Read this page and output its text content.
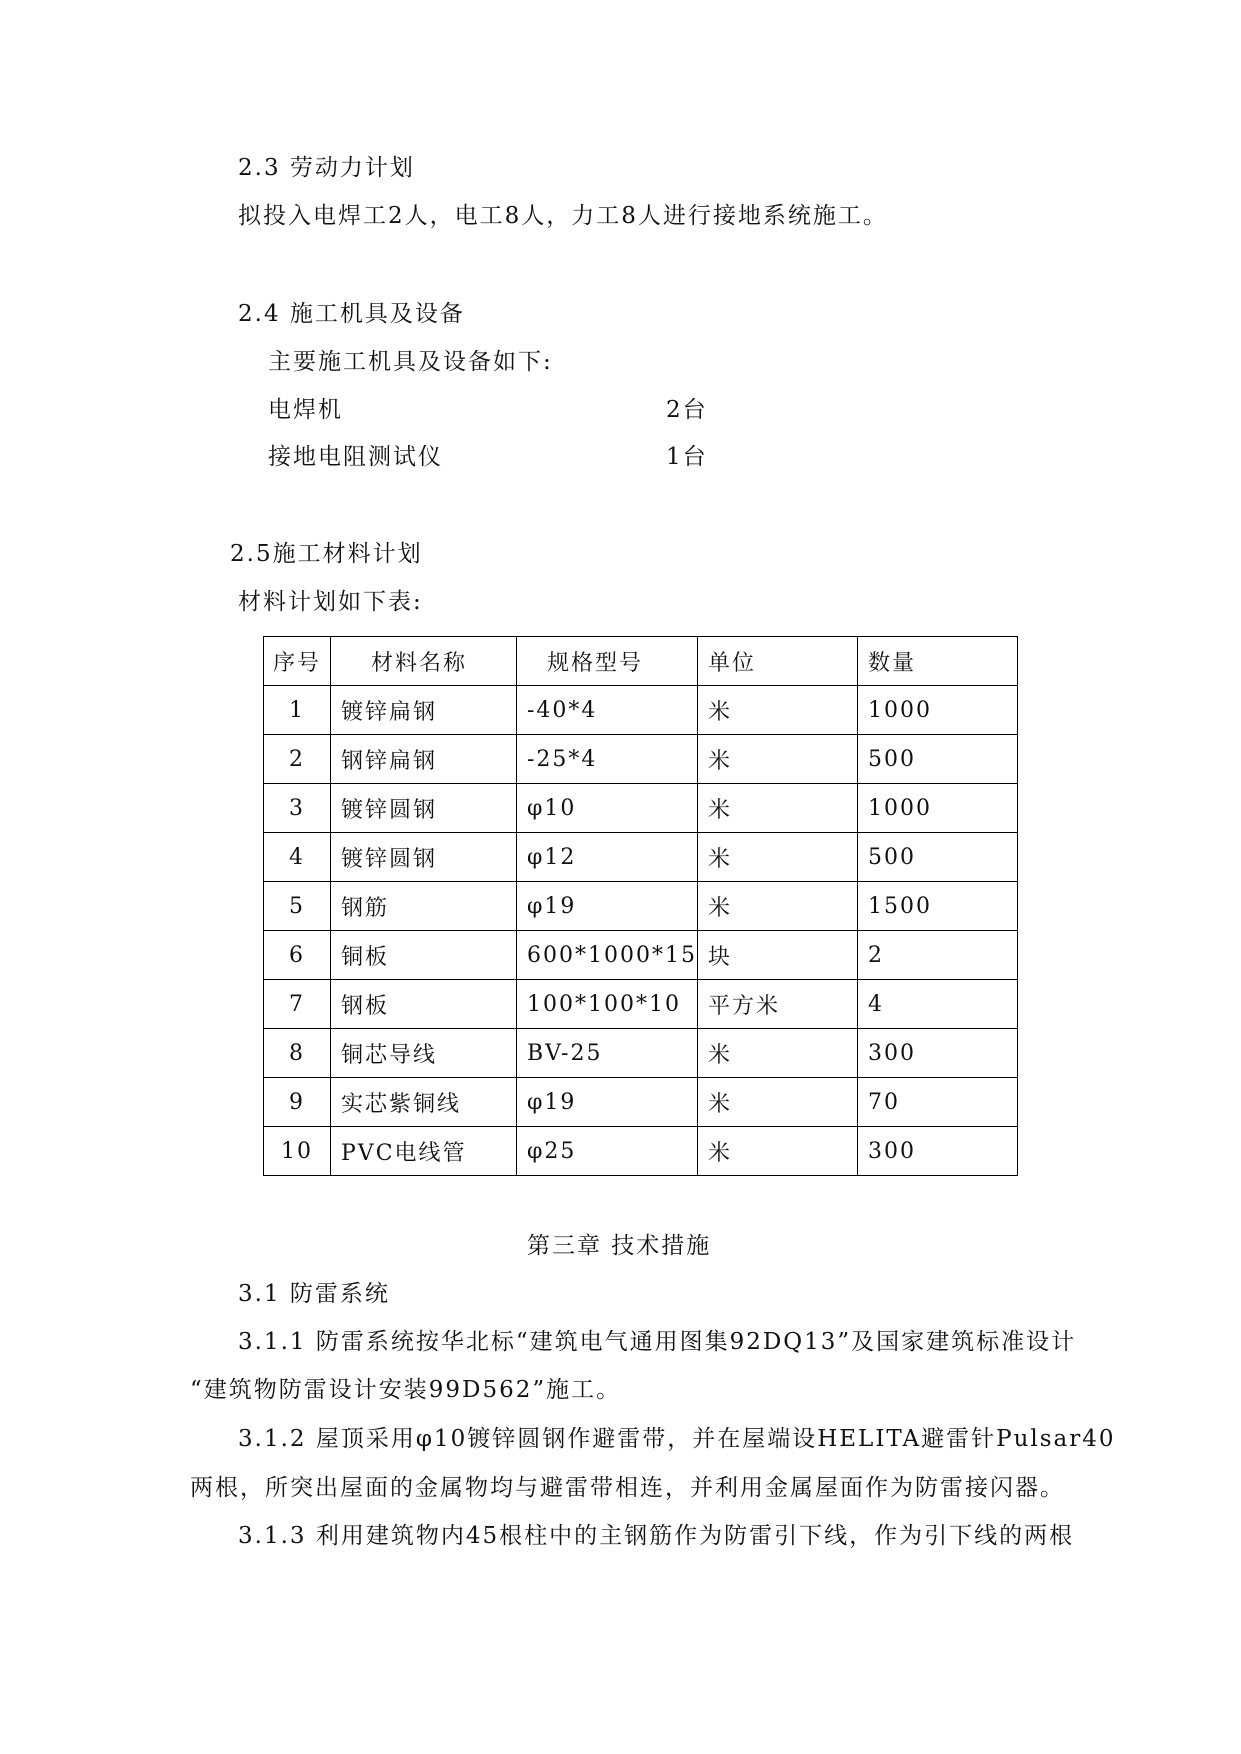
2.3 劳动力计划
拟投入电焊工2人，电工8人，力工8人进行接地系统施工。
2.4 施工机具及设备
主要施工机具及设备如下:
电焊机	2台
接地电阻测试仪	1台
2.5施工材料计划
材料计划如下表:
序号	材料名称	规格型号	单位	数量
1	镀锌扁钢	-40*4	米	1000
2	钢锌扁钢	-25*4	米	500
3	镀锌圆钢	φ10	米	1000
4	镀锌圆钢	φ12	米	500
5	钢筋	φ19	米	1500
6	铜板	600*1000*15	块	2
7	钢板	100*100*10	平方米	4
8	铜芯导线	BV-25	米	300
9	实芯紫铜线	φ19	米	70
10	PVC电线管	φ25	米	300
第三章 技术措施
3.1 防雷系统
3.1.1 防雷系统按华北标“建筑电气通用图集92DQ13”及国家建筑标准设计
“建筑物防雷设计安装99D562”施工。
3.1.2 屋顶采用φ10镀锌圆钢作避雷带，并在屋端设HELITA避雷针Pulsar40
两根，所突出屋面的金属物均与避雷带相连，并利用金属屋面作为防雷接闪器。
3.1.3 利用建筑物内45根柱中的主钢筋作为防雷引下线，作为引下线的两根
